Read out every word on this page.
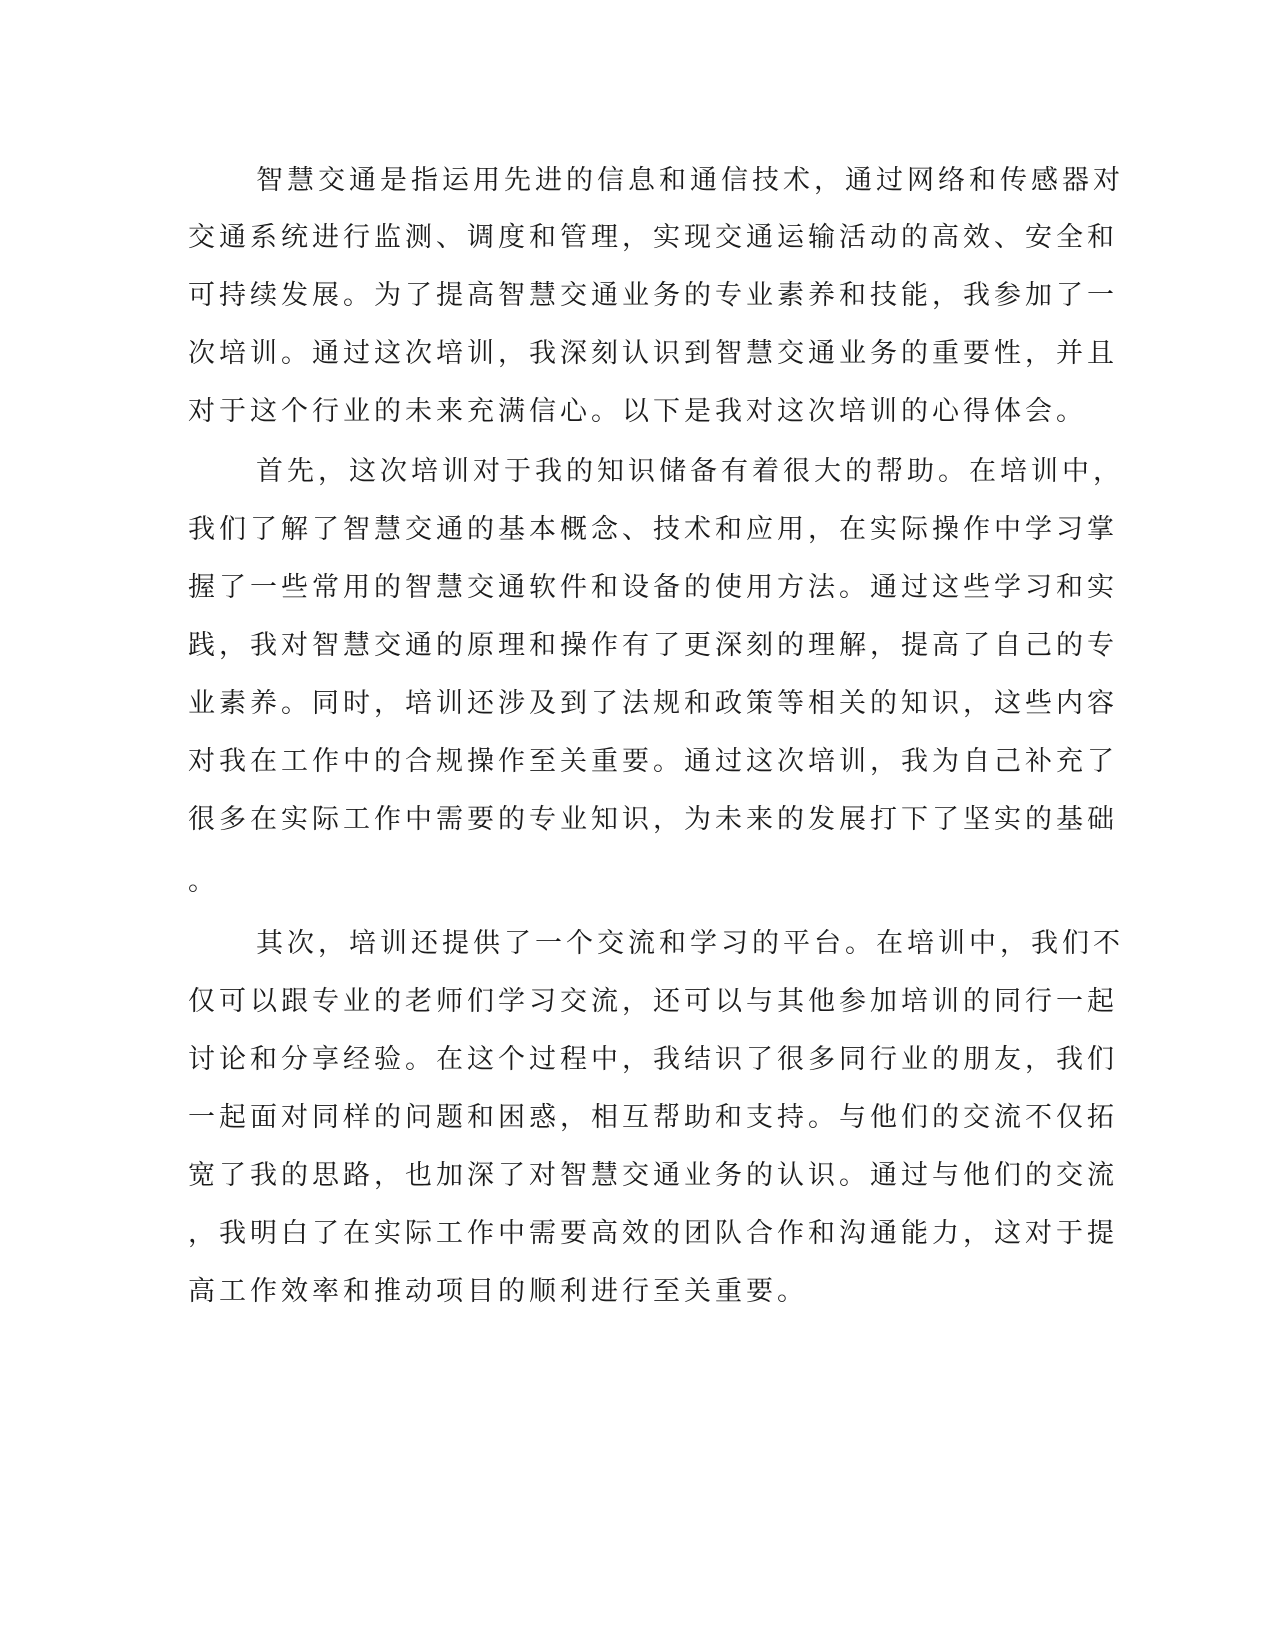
智慧交通是指运用先进的信息和通信技术，通过网络和传感器对
交通系统进行监测、调度和管理，实现交通运输活动的高效、安全和
可持续发展。为了提高智慧交通业务的专业素养和技能，我参加了一
次培训。通过这次培训，我深刻认识到智慧交通业务的重要性，并且
对于这个行业的未来充满信心。以下是我对这次培训的心得体会。
首先，这次培训对于我的知识储备有着很大的帮助。在培训中，
我们了解了智慧交通的基本概念、技术和应用，在实际操作中学习掌
握了一些常用的智慧交通软件和设备的使用方法。通过这些学习和实
践，我对智慧交通的原理和操作有了更深刻的理解，提高了自己的专
业素养。同时，培训还涉及到了法规和政策等相关的知识，这些内容
对我在工作中的合规操作至关重要。通过这次培训，我为自己补充了
很多在实际工作中需要的专业知识，为未来的发展打下了坚实的基础
。
其次，培训还提供了一个交流和学习的平台。在培训中，我们不
仅可以跟专业的老师们学习交流，还可以与其他参加培训的同行一起
讨论和分享经验。在这个过程中，我结识了很多同行业的朋友，我们
一起面对同样的问题和困惑，相互帮助和支持。与他们的交流不仅拓
宽了我的思路，也加深了对智慧交通业务的认识。通过与他们的交流
，我明白了在实际工作中需要高效的团队合作和沟通能力，这对于提
高工作效率和推动项目的顺利进行至关重要。
